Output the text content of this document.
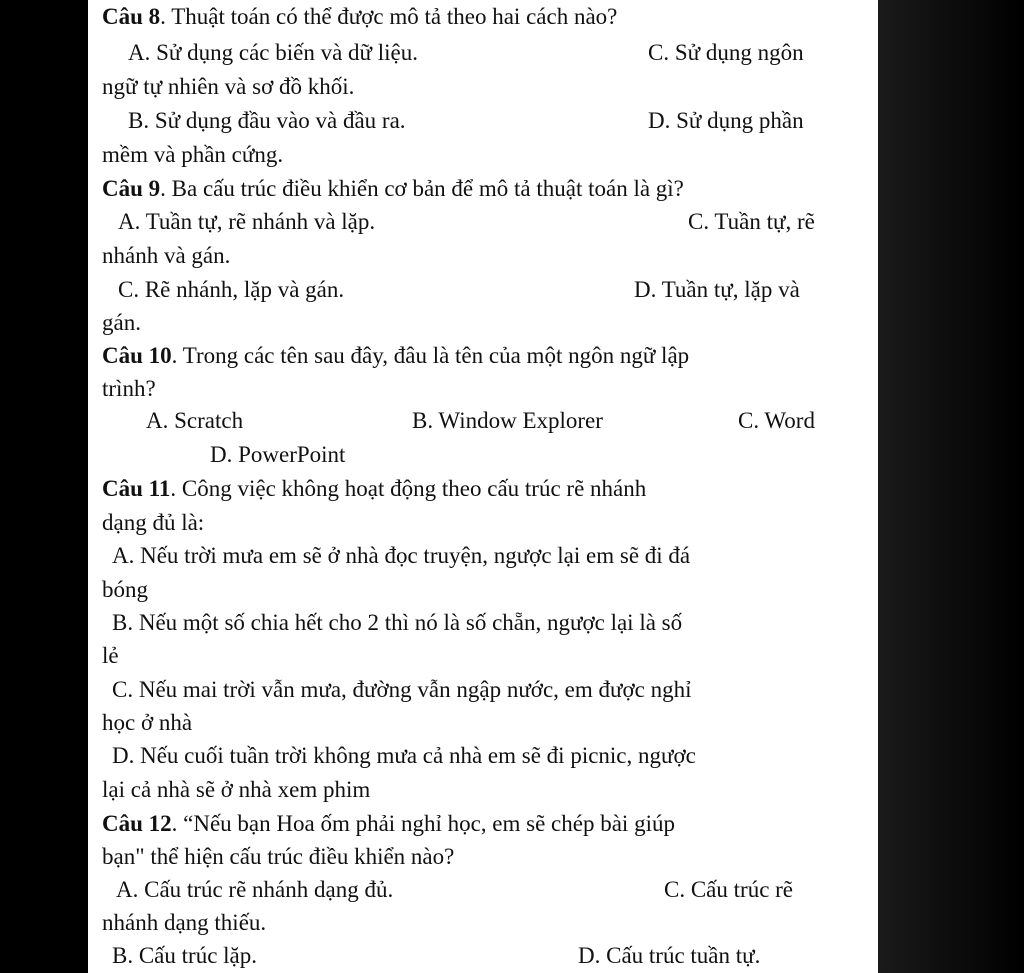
Câu 8. Thuật toán có thể được mô tả theo hai cách nào?
A. Sử dụng các biến và dữ liệu.	C. Sử dụng ngôn
ngữ tự nhiên và sơ đồ khối.
B. Sử dụng đầu vào và đầu ra.	D. Sử dụng phần
mềm và phần cứng.
Câu 9. Ba cấu trúc điều khiển cơ bản để mô tả thuật toán là gì?
A. Tuần tự, rẽ nhánh và lặp.	C. Tuần tự, rẽ
nhánh và gán.
C. Rẽ nhánh, lặp và gán.	D. Tuần tự, lặp và
gán.
Câu 10. Trong các tên sau đây, đâu là tên của một ngôn ngữ lập
trình?
A. Scratch	B. Window Explorer	C. Word
D. PowerPoint
Câu 11. Công việc không hoạt động theo cấu trúc rẽ nhánh
dạng đủ là:
A. Nếu trời mưa em sẽ ở nhà đọc truyện, ngược lại em sẽ đi đá
bóng
B. Nếu một số chia hết cho 2 thì nó là số chẵn, ngược lại là số
lẻ
C. Nếu mai trời vẫn mưa, đường vẫn ngập nước, em được nghỉ
học ở nhà
D. Nếu cuối tuần trời không mưa cả nhà em sẽ đi picnic, ngược
lại cả nhà sẽ ở nhà xem phim
Câu 12. “Nếu bạn Hoa ốm phải nghỉ học, em sẽ chép bài giúp
bạn" thể hiện cấu trúc điều khiển nào?
A. Cấu trúc rẽ nhánh dạng đủ.	C. Cấu trúc rẽ
nhánh dạng thiếu.
B. Cấu trúc lặp.	D. Cấu trúc tuần tự.
